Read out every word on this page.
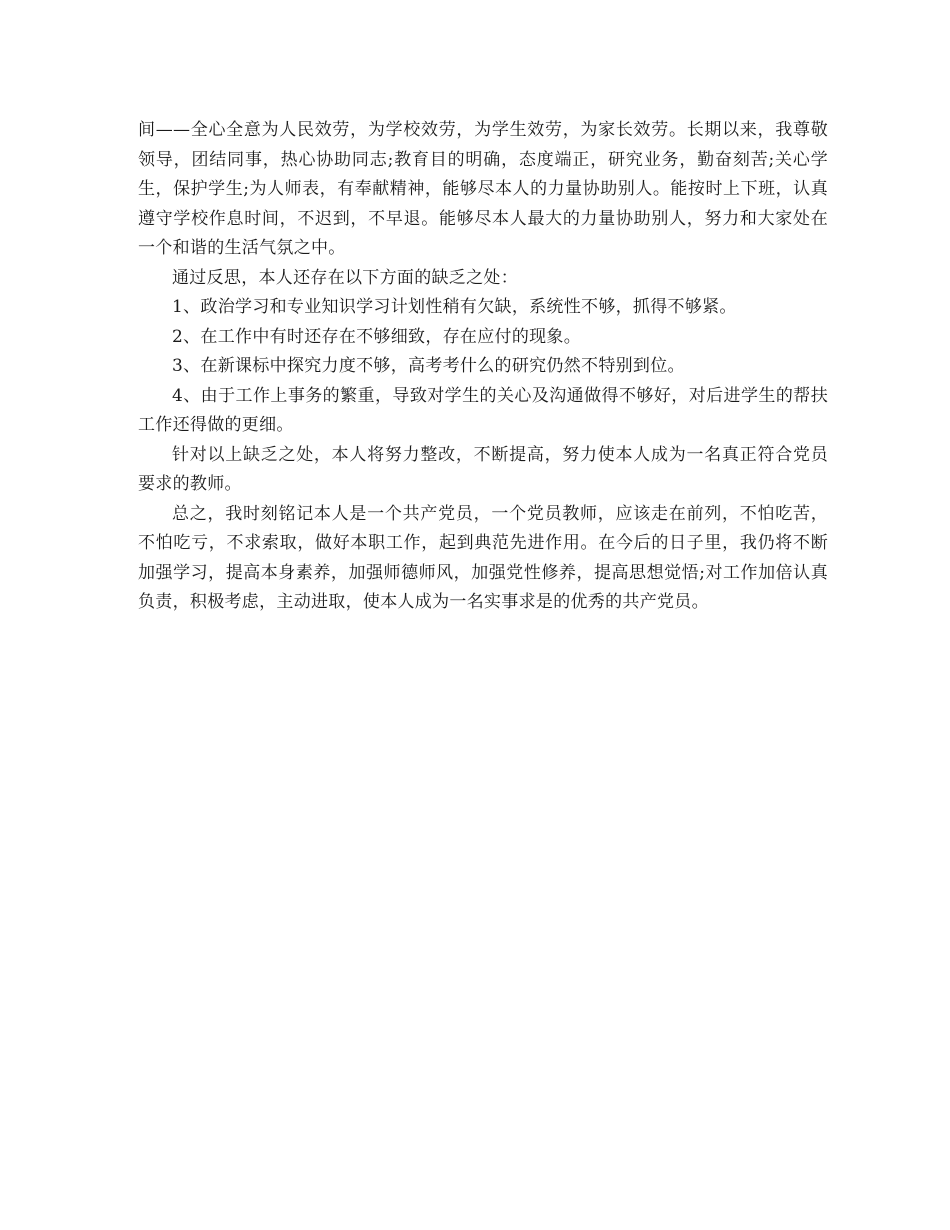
间——全心全意为人民效劳，为学校效劳，为学生效劳，为家长效劳。长期以来，我尊敬领导，团结同事，热心协助同志;教育目的明确，态度端正，研究业务，勤奋刻苦;关心学生，保护学生;为人师表，有奉献精神，能够尽本人的力量协助别人。能按时上下班，认真遵守学校作息时间，不迟到，不早退。能够尽本人最大的力量协助别人，努力和大家处在一个和谐的生活气氛之中。

通过反思，本人还存在以下方面的缺乏之处：

1、政治学习和专业知识学习计划性稍有欠缺，系统性不够，抓得不够紧。

2、在工作中有时还存在不够细致，存在应付的现象。

3、在新课标中探究力度不够，高考考什么的研究仍然不特别到位。

4、由于工作上事务的繁重，导致对学生的关心及沟通做得不够好，对后进学生的帮扶工作还得做的更细。

针对以上缺乏之处，本人将努力整改，不断提高，努力使本人成为一名真正符合党员要求的教师。

总之，我时刻铭记本人是一个共产党员，一个党员教师，应该走在前列，不怕吃苦，不怕吃亏，不求索取，做好本职工作，起到典范先进作用。在今后的日子里，我仍将不断加强学习，提高本身素养，加强师德师风，加强党性修养，提高思想觉悟;对工作加倍认真负责，积极考虑，主动进取，使本人成为一名实事求是的优秀的共产党员。
